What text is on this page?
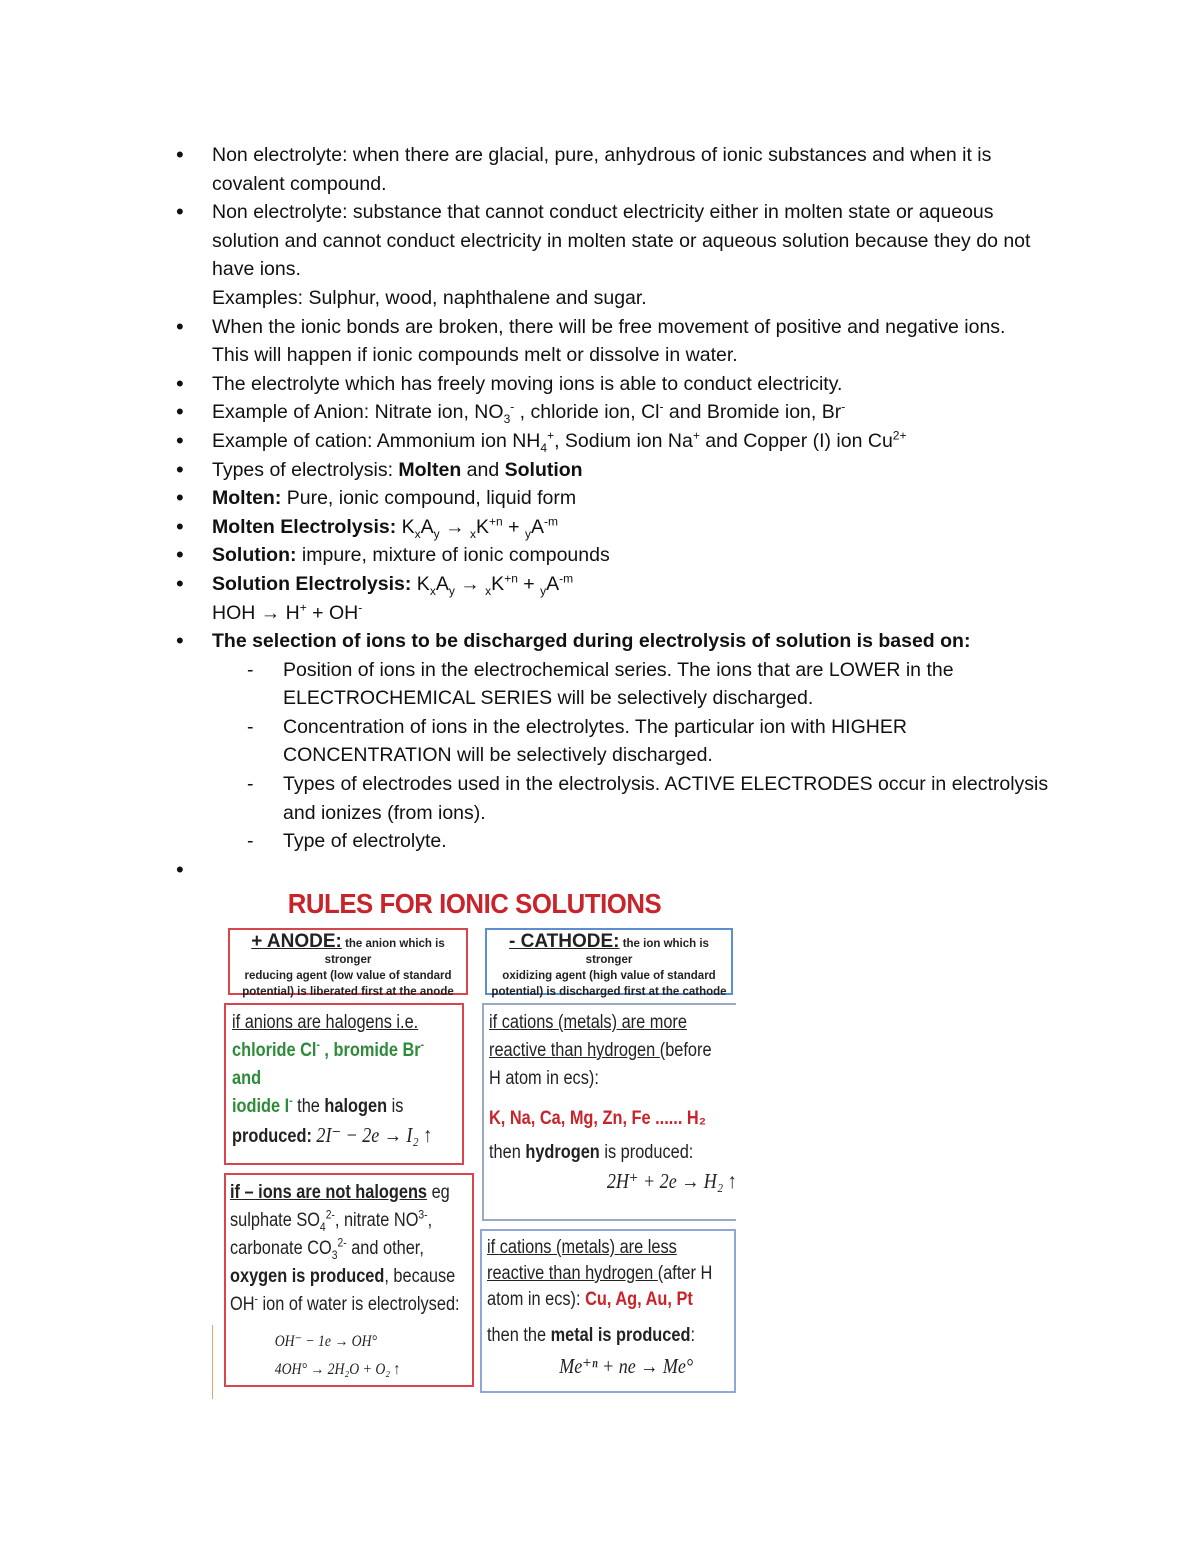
• Non electrolyte: when there are glacial, pure, anhydrous of ionic substances and when it is
covalent compound.
• Non electrolyte: substance that cannot conduct electricity either in molten state or aqueous
solution and cannot conduct electricity in molten state or aqueous solution because they do not
have ions.
Examples: Sulphur, wood, naphthalene and sugar.
• When the ionic bonds are broken, there will be free movement of positive and negative ions.
This will happen if ionic compounds melt or dissolve in water.
• The electrolyte which has freely moving ions is able to conduct electricity.
• Example of Anion: Nitrate ion, $NO_3^-$ , chloride ion, Cl- and Bromide ion, Br-
• Example of cation: Ammonium ion $NH_4^+$, Sodium ion Na+ and Copper (I) ion $Cu^{2+}$
• Types of electrolysis: Molten and Solution
• Molten: Pure, ionic compound, liquid form
• Molten Electrolysis: $K_xA_y \to _xK^{+n} + _yA^{-m}$
• Solution: impure, mixture of ionic compounds
• Solution Electrolysis: $K_xA_y \to _xK^{+n} + _yA^{-m}$
HOH → H+ + OH-
• The selection of ions to be discharged during electrolysis of solution is based on:
- Position of ions in the electrochemical series. The ions that are LOWER in the
ELECTROCHEMICAL SERIES will be selectively discharged.
- Concentration of ions in the electrolytes. The particular ion with HIGHER
CONCENTRATION will be selectively discharged.
- Types of electrodes used in the electrolysis. ACTIVE ELECTRODES occur in electrolysis
and ionizes (from ions).
- Type of electrolyte.
•
RULES FOR IONIC SOLUTIONS
+ ANODE: the anion which is stronger
reducing agent (low value of standard
potential) is liberated first at the anode
- CATHODE: the ion which is stronger
oxidizing agent (high value of standard
potential) is discharged first at the cathode
if anions are halogens i.e.
chloride Cl- , bromide Br- and
iodide I- the halogen is
produced: 2I⁻ − 2e → I₂ ↑
if – ions are not halogens eg
sulphate $SO_4^{2-}$, nitrate $NO^{3-}$,
carbonate $CO_3^{2-}$ and other,
oxygen is produced, because
OH- ion of water is electrolysed:

OH⁻ − 1e → OH°
4OH° → 2H₂O + O₂ ↑
if cations (metals) are more
reactive than hydrogen (before
H atom in ecs):

K, Na, Ca, Mg, Zn, Fe ...... H₂
then hydrogen is produced:

2H⁺ + 2e → H₂ ↑
if cations (metals) are less
reactive than hydrogen (after H
atom in ecs): Cu, Ag, Au, Pt

then the metal is produced:
Me⁺ⁿ + ne → Me°
